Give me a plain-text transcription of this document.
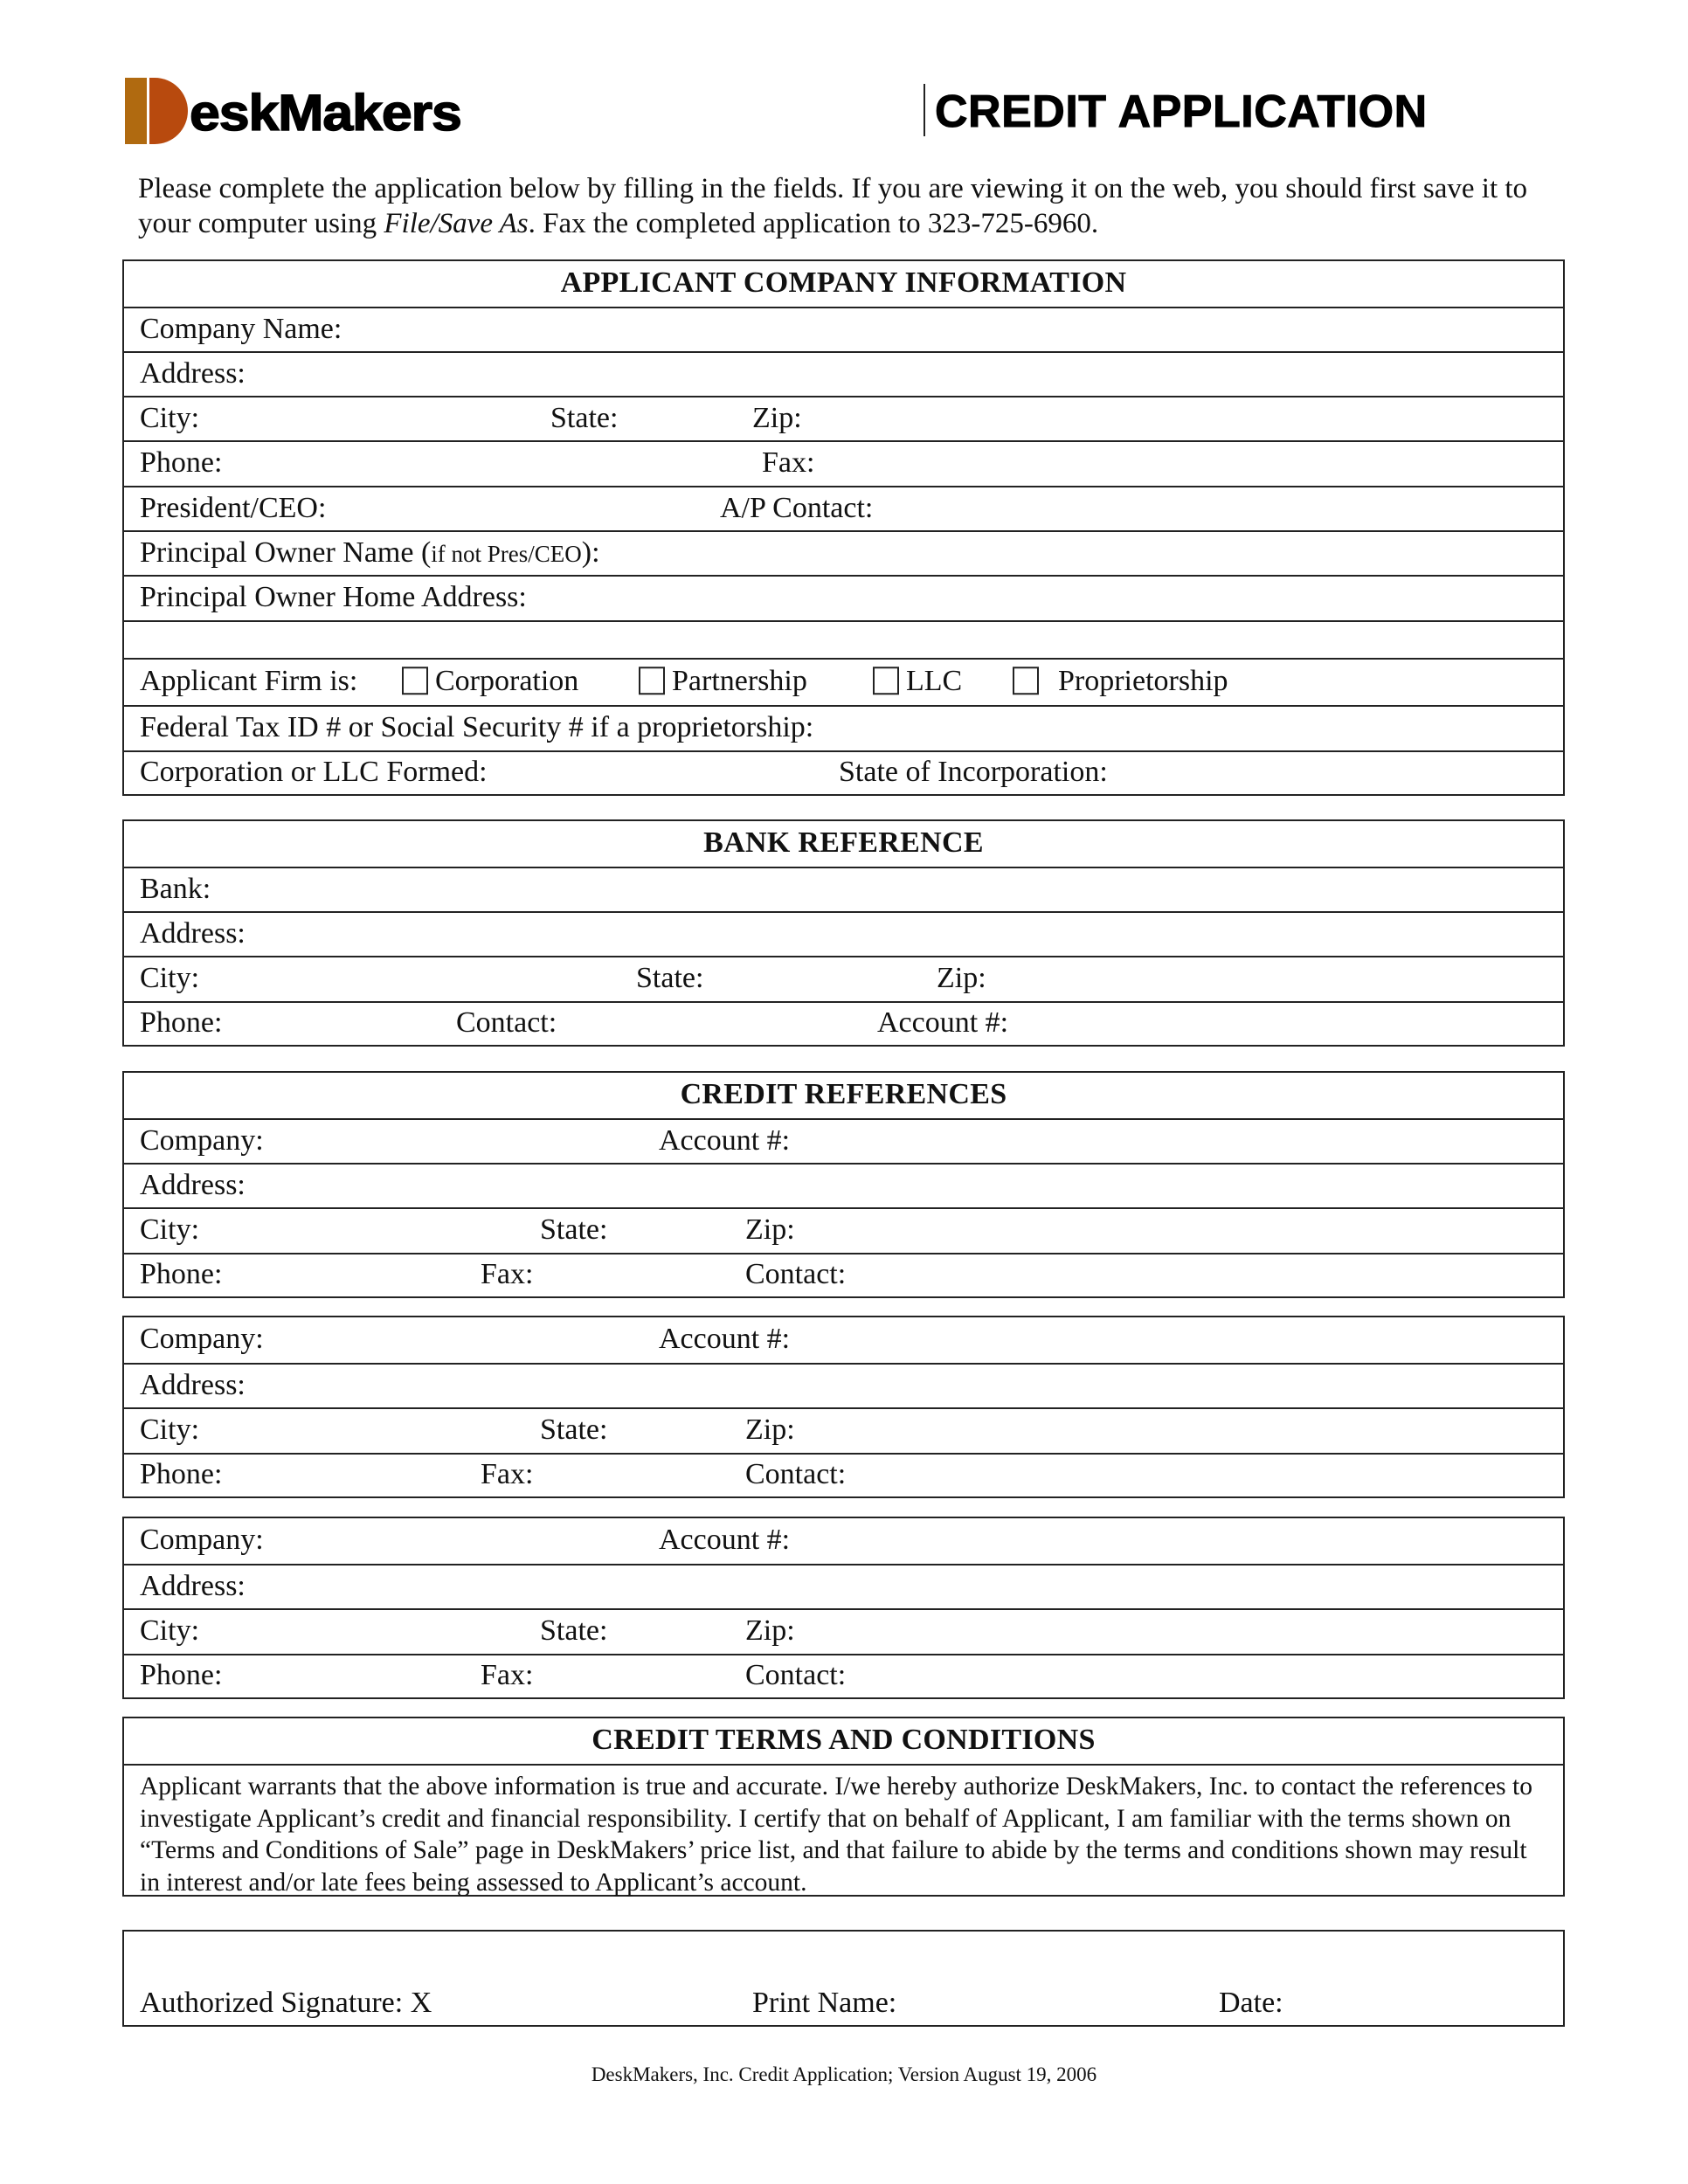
eskMakers	CREDIT APPLICATION
Please complete the application below by filling in the fields. If you are viewing it on the web, you should first save it to your computer using File/Save As. Fax the completed application to 323-725-6960.
APPLICANT COMPANY INFORMATION
Company Name:
Address:
City:	State:	Zip:
Phone:	Fax:
President/CEO:	A/P Contact:
Principal Owner Name (if not Pres/CEO):
Principal Owner Home Address:
Applicant Firm is:	Corporation	Partnership	LLC	Proprietorship
Federal Tax ID # or Social Security # if a proprietorship:
Corporation or LLC Formed:	State of Incorporation:
BANK REFERENCE
Bank:
Address:
City:	State:	Zip:
Phone:	Contact:	Account #:
CREDIT REFERENCES
Company:	Account #:
Address:
City:	State:	Zip:
Phone:	Fax:	Contact:
Company:	Account #:
Address:
City:	State:	Zip:
Phone:	Fax:	Contact:
Company:	Account #:
Address:
City:	State:	Zip:
Phone:	Fax:	Contact:
CREDIT TERMS AND CONDITIONS
Applicant warrants that the above information is true and accurate. I/we hereby authorize DeskMakers, Inc. to contact the references to investigate Applicant’s credit and financial responsibility. I certify that on behalf of Applicant, I am familiar with the terms shown on “Terms and Conditions of Sale” page in DeskMakers’ price list, and that failure to abide by the terms and conditions shown may result in interest and/or late fees being assessed to Applicant’s account.
Authorized Signature: X	Print Name:	Date:
DeskMakers, Inc. Credit Application; Version August 19, 2006
